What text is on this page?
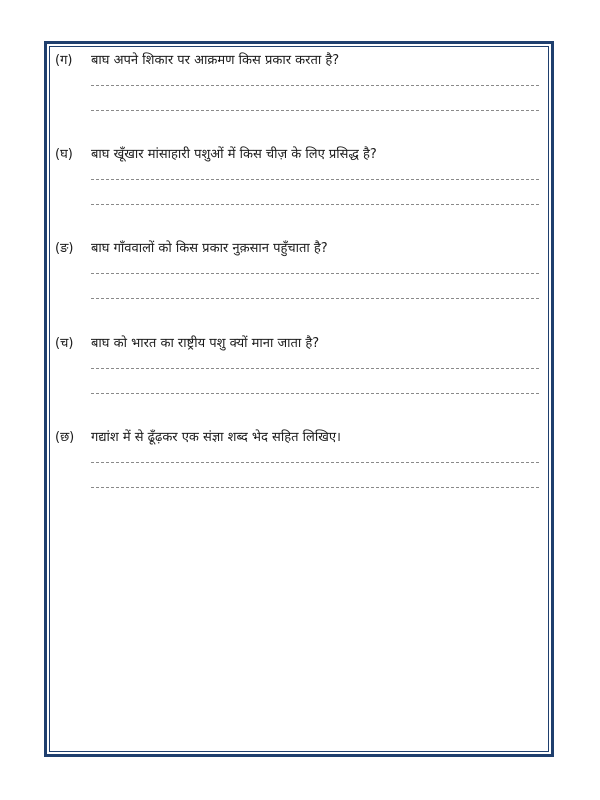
(ग) बाघ अपने शिकार पर आक्रमण किस प्रकार करता है?
(घ) बाघ खूँखार मांसाहारी पशुओं में किस चीज़ के लिए प्रसिद्ध है?
(ङ) बाघ गाँववालों को किस प्रकार नुक़सान पहुँचाता है?
(च) बाघ को भारत का राष्ट्रीय पशु क्यों माना जाता है?
(छ) गद्यांश में से ढूँढ़कर एक संज्ञा शब्द भेद सहित लिखिए।
